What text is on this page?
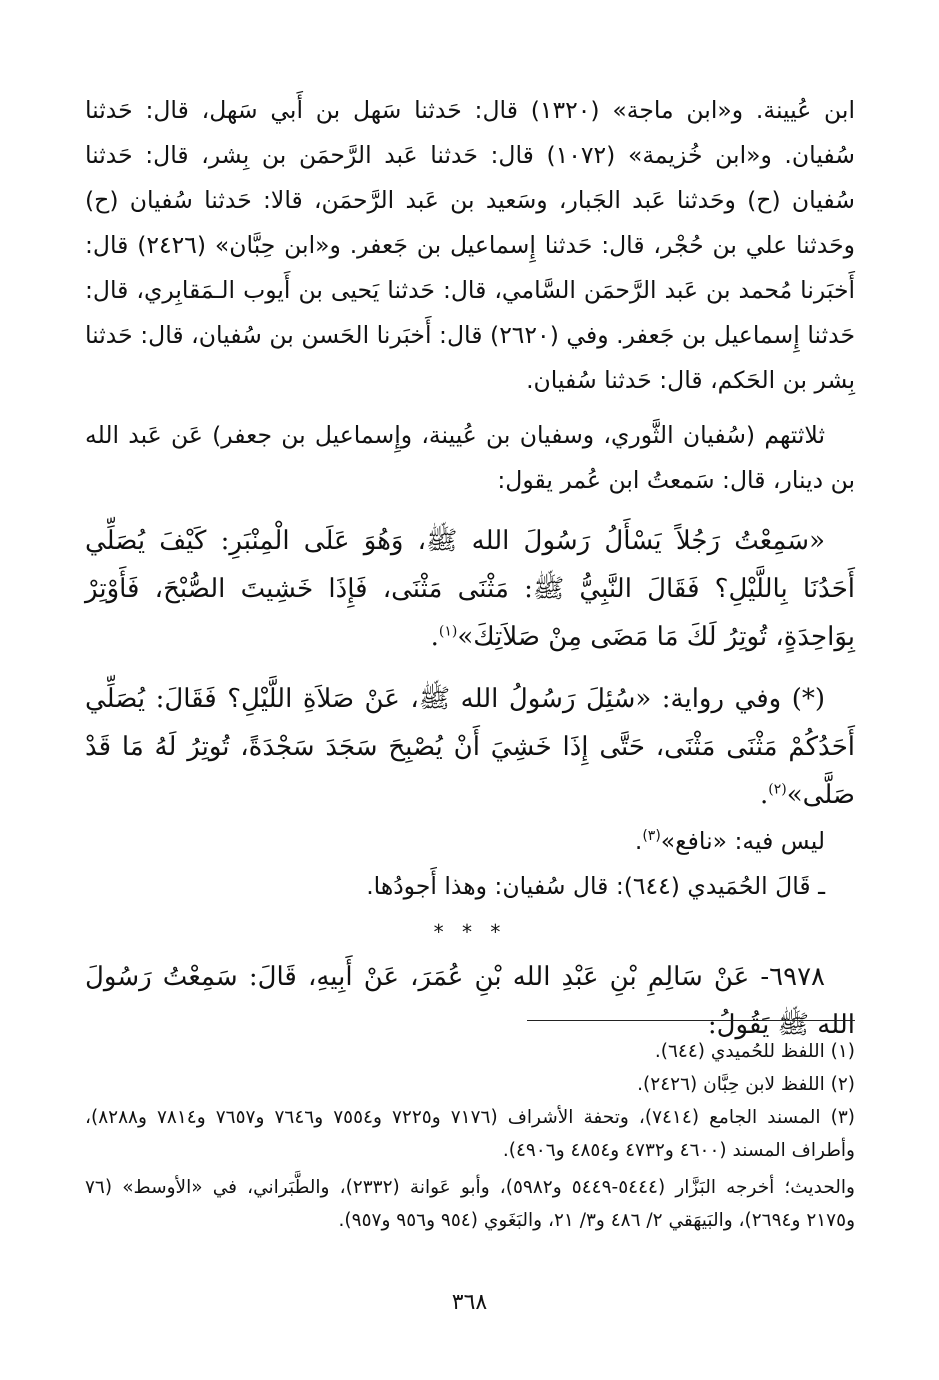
ابن عُيينة. و«ابن ماجة» (١٣٢٠) قال: حَدثنا سَهل بن أَبي سَهل، قال: حَدثنا سُفيان. و«ابن خُزيمة» (١٠٧٢) قال: حَدثنا عَبد الرَّحمَن بن بِشر، قال: حَدثنا سُفيان (ح) وحَدثنا عَبد الجَبار، وسَعيد بن عَبد الرَّحمَن، قالا: حَدثنا سُفيان (ح) وحَدثنا علي بن حُجْر، قال: حَدثنا إِسماعيل بن جَعفر. و«ابن حِبَّان» (٢٤٢٦) قال: أَخبَرنا مُحمد بن عَبد الرَّحمَن السَّامي، قال: حَدثنا يَحيى بن أَيوب الـمَقابِري، قال: حَدثنا إِسماعيل بن جَعفر. وفي (٢٦٢٠) قال: أَخبَرنا الحَسن بن سُفيان، قال: حَدثنا بِشر بن الحَكم، قال: حَدثنا سُفيان.

ثلاثتهم (سُفيان الثَّوري، وسفيان بن عُيينة، وإِسماعيل بن جعفر) عَن عَبد الله بن دينار، قال: سَمعتُ ابن عُمر يقول:

«سَمِعْتُ رَجُلاً يَسْأَلُ رَسُولَ الله ﷺ، وَهُوَ عَلَى الْمِنْبَرِ: كَيْفَ يُصَلِّي أَحَدُنَا بِاللَّيْلِ؟ فَقَالَ النَّبِيُّ ﷺ: مَثْنَى مَثْنَى، فَإِذَا خَشِيتَ الصُّبْحَ، فَأَوْتِرْ بِوَاحِدَةٍ، تُوتِرُ لَكَ مَا مَضَى مِنْ صَلاَتِكَ»$^{(١)}$.

(*) وفي رواية: «سُئِلَ رَسُولُ الله ﷺ، عَنْ صَلاَةِ اللَّيْلِ؟ فَقَالَ: يُصَلِّي أَحَدُكُمْ مَثْنَى مَثْنَى، حَتَّى إِذَا خَشِيَ أَنْ يُصْبِحَ سَجَدَ سَجْدَةً، تُوتِرُ لَهُ مَا قَدْ صَلَّى»$^{(٢)}$.

ليس فيه: «نافع»$^{(٣)}$.

ـ قَالَ الحُمَيدي (٦٤٤): قال سُفيان: وهذا أَجودُها.

* * *

٦٩٧٨- عَنْ سَالِمِ بْنِ عَبْدِ الله بْنِ عُمَرَ، عَنْ أَبِيهِ، قَالَ: سَمِعْتُ رَسُولَ الله ﷺ يَقُولُ:

(١) اللفظ للحُميدي (٦٤٤).

(٢) اللفظ لابن حِبَّان (٢٤٢٦).

(٣) المسند الجامع (٧٤١٤)، وتحفة الأشراف (٧١٧٦ و٧٢٢٥ و٧٥٥٤ و٧٦٤٦ و٧٦٥٧ و٧٨١٤ و٨٢٨٨)، وأطراف المسند (٤٦٠٠ و٤٧٣٢ و٤٨٥٤ و٤٩٠٦).

والحديث؛ أخرجه البَزَّار (٥٤٤٤-٥٤٤٩ و٥٩٨٢)، وأبو عَوانة (٢٣٣٢)، والطَّبَراني، في «الأوسط» (٧٦ و٢١٧٥ و٢٦٩٤)، والبَيهَقي ٢/ ٤٨٦ و٣/ ٢١، والبَغَوي (٩٥٤ و٩٥٦ و٩٥٧).

٣٦٨
